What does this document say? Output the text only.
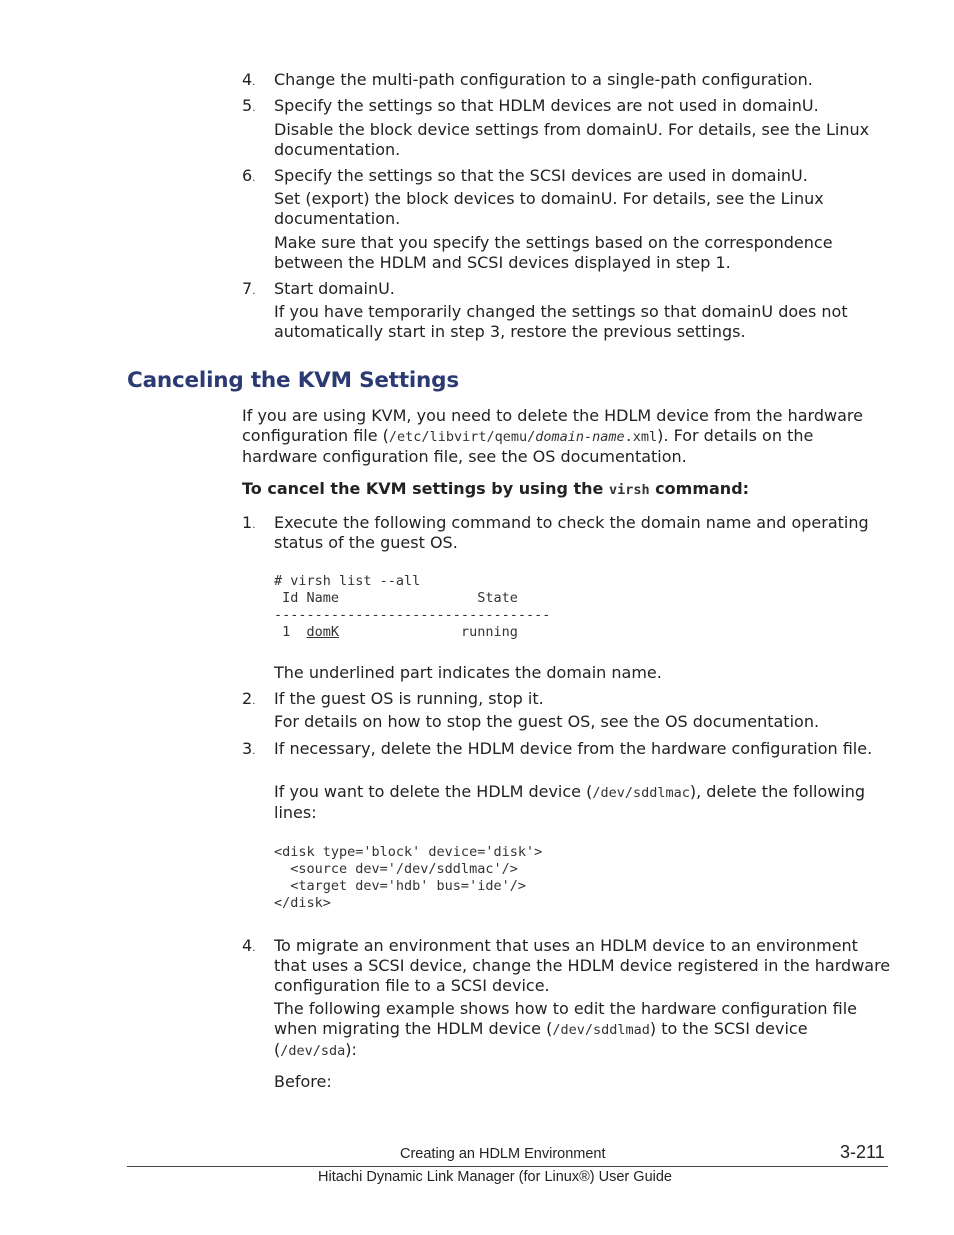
4. Change the multi-path configuration to a single-path configuration.
5. Specify the settings so that HDLM devices are not used in domainU.
Disable the block device settings from domainU. For details, see the Linux documentation.
6. Specify the settings so that the SCSI devices are used in domainU.
Set (export) the block devices to domainU. For details, see the Linux documentation.
Make sure that you specify the settings based on the correspondence between the HDLM and SCSI devices displayed in step 1.
7. Start domainU.
If you have temporarily changed the settings so that domainU does not automatically start in step 3, restore the previous settings.
Canceling the KVM Settings
If you are using KVM, you need to delete the HDLM device from the hardware configuration file (/etc/libvirt/qemu/domain-name.xml). For details on the hardware configuration file, see the OS documentation.
To cancel the KVM settings by using the virsh command:
1. Execute the following command to check the domain name and operating status of the guest OS.
# virsh list --all
Id Name                 State
----------------------------------
1  domK               running
The underlined part indicates the domain name.
2. If the guest OS is running, stop it.
For details on how to stop the guest OS, see the OS documentation.
3. If necessary, delete the HDLM device from the hardware configuration file.
If you want to delete the HDLM device (/dev/sddlmac), delete the following lines:
<disk type='block' device='disk'>
<source dev='/dev/sddlmac'/>
<target dev='hdb' bus='ide'/>
</disk>
4. To migrate an environment that uses an HDLM device to an environment that uses a SCSI device, change the HDLM device registered in the hardware configuration file to a SCSI device.
The following example shows how to edit the hardware configuration file when migrating the HDLM device (/dev/sddlmad) to the SCSI device (/dev/sda):
Before:
Creating an HDLM Environment	3-211
Hitachi Dynamic Link Manager (for Linux®) User Guide
